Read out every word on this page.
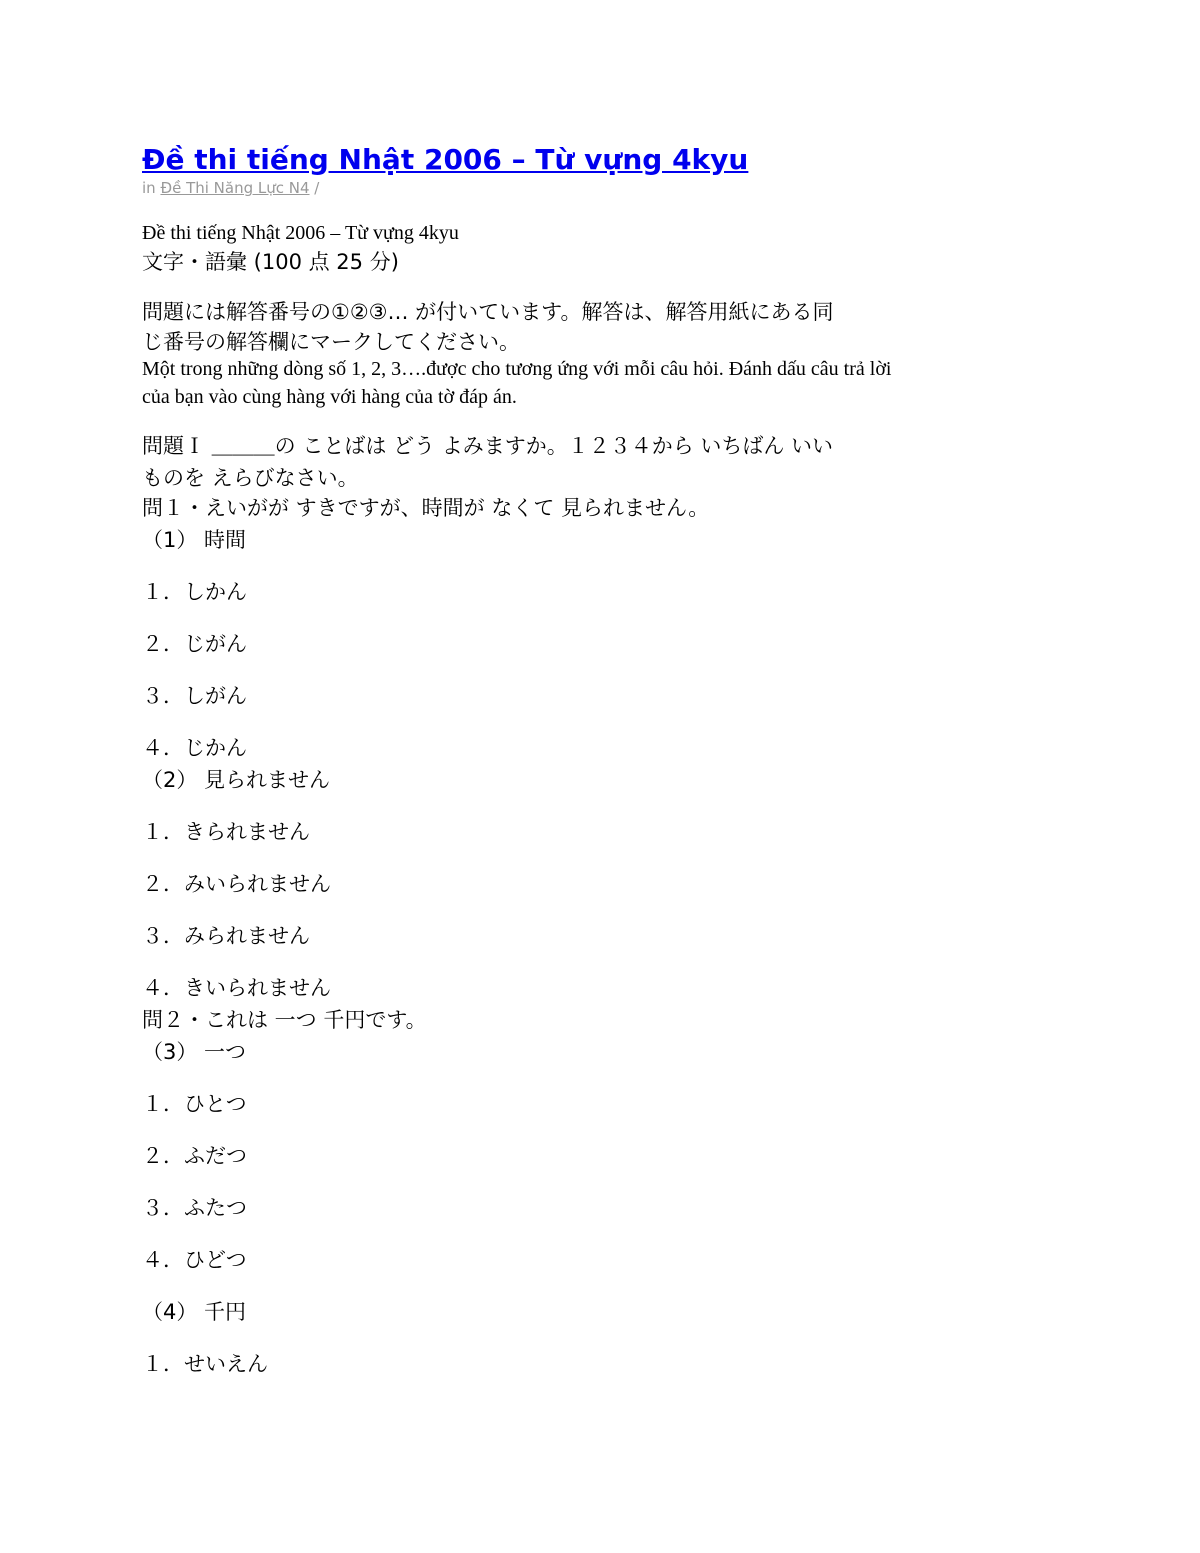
Đề thi tiếng Nhật 2006 – Từ vựng 4kyu
in Đề Thi Năng Lực N4 /
Đề thi tiếng Nhật 2006 – Từ vựng 4kyu
文字・語彙 (100 点 25 分)
問題には解答番号の①②③… が付いています。解答は、解答用紙にある同
じ番号の解答欄にマークしてください。
Một trong những dòng số 1, 2, 3….được cho tương ứng với mỗi câu hỏi. Đánh dấu câu trả lời
của bạn vào cùng hàng với hàng của tờ đáp án.
問題Ｉ ＿＿＿の ことばは どう よみますか。１２３４から いちばん いい
ものを えらびなさい。
問１・えいがが すきですが、時間が なくて 見られません。
（1） 時間
１．しかん
２．じがん
３．しがん
４．じかん
（2） 見られません
１．きられません
２．みいられません
３．みられません
４．きいられません
問２・これは 一つ 千円です。
（3） 一つ
１．ひとつ
２．ふだつ
３．ふたつ
４．ひどつ
（4） 千円
１．せいえん
